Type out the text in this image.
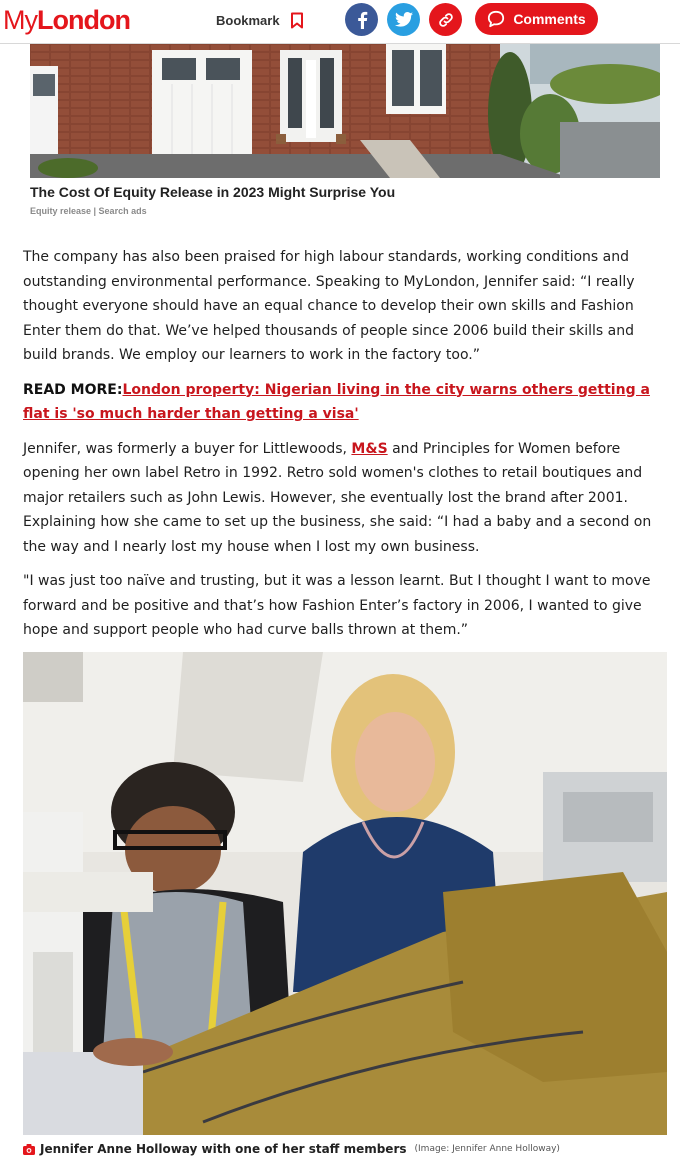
MyLondon	Bookmark	Comments
The Cost Of Equity Release in 2023 Might Surprise You
Equity release | Search ads

The company has also been praised for high labour standards, working conditions and outstanding environmental performance. Speaking to MyLondon, Jennifer said: “I really thought everyone should have an equal chance to develop their own skills and Fashion Enter them do that. We’ve helped thousands of people since 2006 build their skills and build brands. We employ our learners to work in the factory too.”

READ MORE:London property: Nigerian living in the city warns others getting a flat is 'so much harder than getting a visa'

Jennifer, was formerly a buyer for Littlewoods, M&S and Principles for Women before opening her own label Retro in 1992. Retro sold women's clothes to retail boutiques and major retailers such as John Lewis. However, she eventually lost the brand after 2001. Explaining how she came to set up the business, she said: “I had a baby and a second on the way and I nearly lost my house when I lost my own business.

"I was just too naïve and trusting, but it was a lesson learnt. But I thought I want to move forward and be positive and that’s how Fashion Enter’s factory in 2006, I wanted to give hope and support people who had curve balls thrown at them.”

Jennifer Anne Holloway with one of her staff members (Image: Jennifer Anne Holloway)
